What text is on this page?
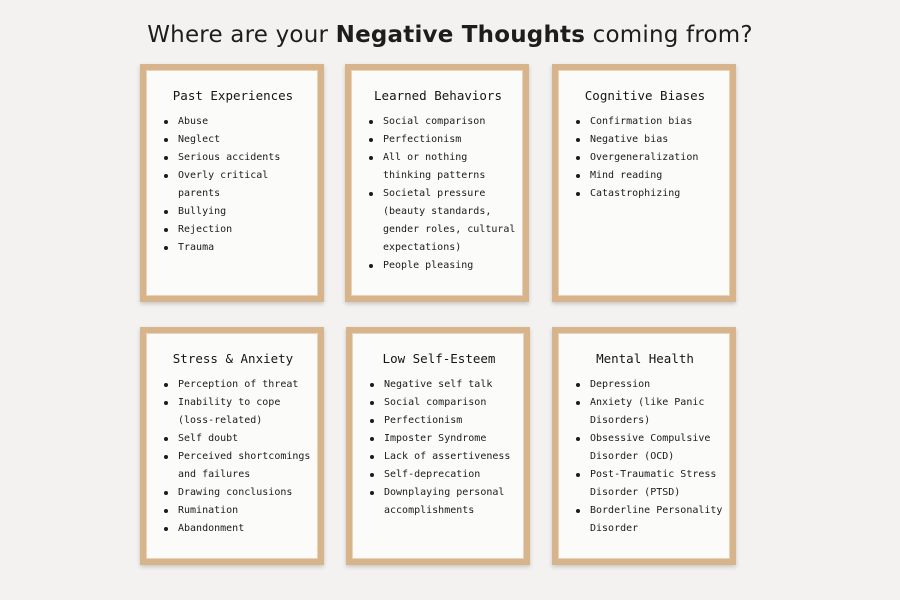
Where are your Negative Thoughts coming from?
Past Experiences
Abuse
Neglect
Serious accidents
Overly critical parents
Bullying
Rejection
Trauma
Learned Behaviors
Social comparison
Perfectionism
All or nothing thinking patterns
Societal pressure (beauty standards, gender roles, cultural expectations)
People pleasing
Cognitive Biases
Confirmation bias
Negative bias
Overgeneralization
Mind reading
Catastrophizing
Stress & Anxiety
Perception of threat
Inability to cope (loss-related)
Self doubt
Perceived shortcomings and failures
Drawing conclusions
Rumination
Abandonment
Low Self-Esteem
Negative self talk
Social comparison
Perfectionism
Imposter Syndrome
Lack of assertiveness
Self-deprecation
Downplaying personal accomplishments
Mental Health
Depression
Anxiety (like Panic Disorders)
Obsessive Compulsive Disorder (OCD)
Post-Traumatic Stress Disorder (PTSD)
Borderline Personality Disorder
